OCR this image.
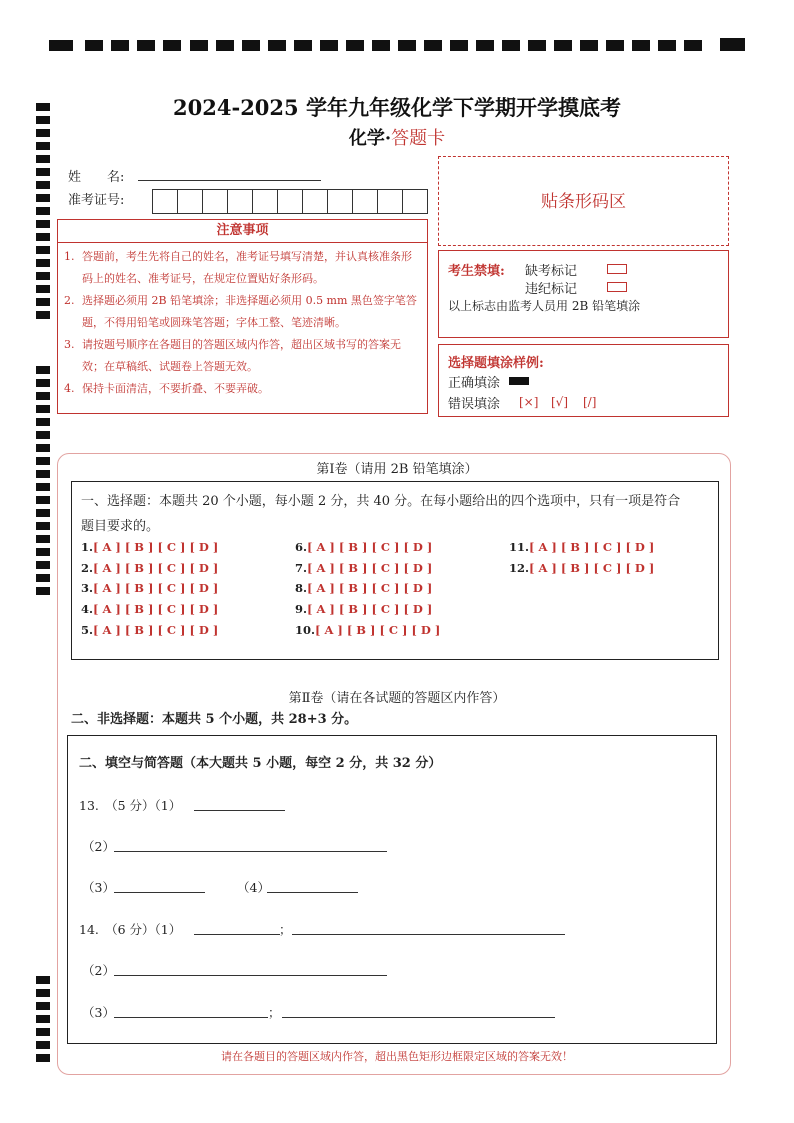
2024-2025 学年九年级化学下学期开学摸底考
化学·答题卡
姓　　名:
准考证号:	贴条形码区
注意事项
1. 答题前，考生先将自己的姓名，准考证号填写清楚，并认真核准条形码上的姓名、准考证号，在规定位置贴好条形码。
2. 选择题必须用 2B 铅笔填涂；非选择题必须用 0.5 mm 黑色签字笔答题，不得用铅笔或圆珠笔答题；字体工整、笔迹清晰。
3. 请按题号顺序在各题目的答题区域内作答，超出区域书写的答案无效；在草稿纸、试题卷上答题无效。
4. 保持卡面清洁，不要折叠、不要弄破。
考生禁填: 缺考标记
违纪标记
以上标志由监考人员用 2B 铅笔填涂
选择题填涂样例:
正确填涂
错误填涂 [×] [√] [/]
第Ⅰ卷（请用 2B 铅笔填涂）
一、选择题：本题共 20 个小题，每小题 2 分，共 40 分。在每小题给出的四个选项中，只有一项是符合
题目要求的。
1.[ A ] [ B ] [ C ] [ D ]
2.[ A ] [ B ] [ C ] [ D ]
3.[ A ] [ B ] [ C ] [ D ]
4.[ A ] [ B ] [ C ] [ D ]
5.[ A ] [ B ] [ C ] [ D ]
6.[ A ] [ B ] [ C ] [ D ]
7.[ A ] [ B ] [ C ] [ D ]
8.[ A ] [ B ] [ C ] [ D ]
9.[ A ] [ B ] [ C ] [ D ]
10.[ A ] [ B ] [ C ] [ D ]
11.[ A ] [ B ] [ C ] [ D ]
12.[ A ] [ B ] [ C ] [ D ]
第Ⅱ卷（请在各试题的答题区内作答）
二、非选择题：本题共 5 个小题，共 28+3 分。
二、填空与简答题（本大题共 5 小题，每空 2 分，共 32 分）
13.　（5 分）（1）
（2）
（3）	（4）
14.　（6 分）（1）	；
（2）
（3）	；
请在各题目的答题区域内作答，超出黑色矩形边框限定区域的答案无效！
